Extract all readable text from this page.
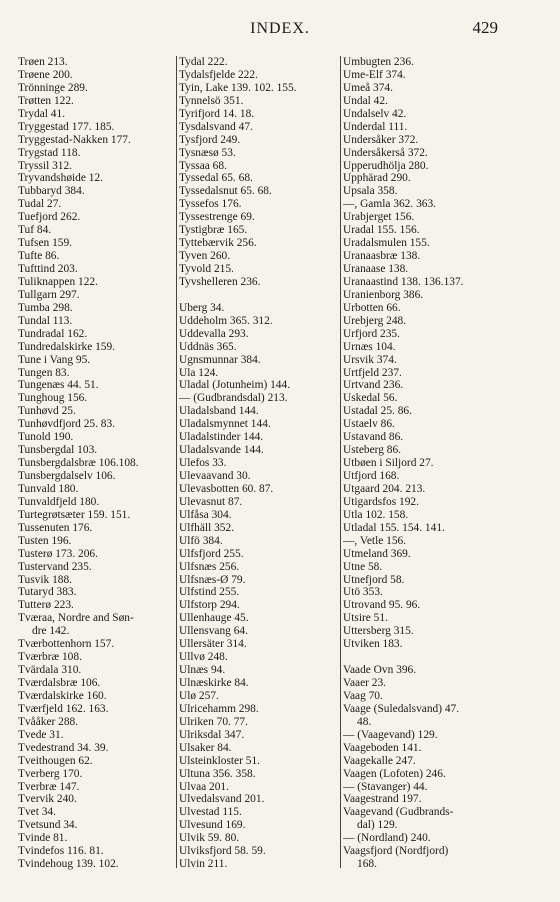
INDEX.	429
Trøen 213.
Trøene 200.
Trönninge 289.
Trøtten 122.
Trydal 41.
Tryggestad 177. 185.
Tryggestad-Nakken 177.
Trygstad 118.
Tryssil 312.
Tryvandshøide 12.
Tubbaryd 384.
Tudal 27.
Tuefjord 262.
Tuf 84.
Tufsen 159.
Tufte 86.
Tufttind 203.
Tuliknappen 122.
Tullgarn 297.
Tumba 298.
Tundal 113.
Tundradal 162.
Tundredalskirke 159.
Tune i Vang 95.
Tungen 83.
Tungenæs 44. 51.
Tunghoug 156.
Tunhøvd 25.
Tunhøvdfjord 25. 83.
Tunold 190.
Tunsbergdal 103.
Tunsbergdalsbræ 106.108.
Tunsbergdalselv 106.
Tunvald 180.
Tunvaldfjeld 180.
Turtegrøtsæter 159. 151.
Tussenuten 176.
Tusten 196.
Tusterø 173. 206.
Tustervand 235.
Tusvik 188.
Tutaryd 383.
Tutterø 223.
Tværaa, Nordre and Søn-
dre 142.
Tværbottenhorn 157.
Tværbræ 108.
Tvärdala 310.
Tværdalsbræ 106.
Tværdalskirke 160.
Tværfjeld 162. 163.
Tvååker 288.
Tvede 31.
Tvedestrand 34. 39.
Tveithougen 62.
Tverberg 170.
Tverbræ 147.
Tvervik 240.
Tvet 34.
Tvetsund 34.
Tvinde 81.
Tvindefos 116. 81.
Tvindehoug 139. 102.
Tydal 222.
Tydalsfjelde 222.
Tyin, Lake 139. 102. 155.
Tynnelsö 351.
Tyrifjord 14. 18.
Tysdalsvand 47.
Tysfjord 249.
Tysnæsø 53.
Tyssaa 68.
Tyssedal 65. 68.
Tyssedalsnut 65. 68.
Tyssefos 176.
Tyssestrenge 69.
Tystigbræ 165.
Tyttebærvik 256.
Tyven 260.
Tyvold 215.
Tyvshelleren 236.
Uberg 34.
Uddeholm 365. 312.
Uddevalla 293.
Uddnäs 365.
Ugnsmunnar 384.
Ula 124.
Uladal (Jotunheim) 144.
— (Gudbrandsdal) 213.
Uladalsband 144.
Uladalsmynnet 144.
Uladalstinder 144.
Uladalsvande 144.
Ulefos 33.
Ulevaavand 30.
Ulevasbotten 60. 87.
Ulevasnut 87.
Ulfåsa 304.
Ulfhäll 352.
Ulfö 384.
Ulfsfjord 255.
Ulfsnæs 256.
Ulfsnæs-Ø 79.
Ulfstind 255.
Ulfstorp 294.
Ullenhauge 45.
Ullensvang 64.
Ullersäter 314.
Ullvø 248.
Ulnæs 94.
Ulnæskirke 84.
Ulø 257.
Ulricehamm 298.
Ulriken 70. 77.
Ulriksdal 347.
Ulsaker 84.
Ulsteinkloster 51.
Ultuna 356. 358.
Ulvaa 201.
Ulvedalsvand 201.
Ulvestad 115.
Ulvesund 169.
Ulvik 59. 80.
Ulviksfjord 58. 59.
Ulvin 211.
Umbugten 236.
Ume-Elf 374.
Umeå 374.
Undal 42.
Undalselv 42.
Underdal 111.
Undersåker 372.
Undersåkerså 372.
Upperudhölja 280.
Upphärad 290.
Upsala 358.
—, Gamla 362. 363.
Urabjerget 156.
Uradal 155. 156.
Uradalsmulen 155.
Uranaasbræ 138.
Uranaase 138.
Uranaastind 138. 136.137.
Uranienborg 386.
Urbotten 66.
Urebjerg 248.
Urfjord 235.
Urnæs 104.
Ursvik 374.
Urtfjeld 237.
Urtvand 236.
Uskedal 56.
Ustadal 25. 86.
Ustaelv 86.
Ustavand 86.
Usteberg 86.
Utbøen i Siljord 27.
Utfjord 168.
Utgaard 204. 213.
Utigardsfos 192.
Utla 102. 158.
Utladal 155. 154. 141.
—, Vetle 156.
Utmeland 369.
Utne 58.
Utnefjord 58.
Utö 353.
Utrovand 95. 96.
Utsire 51.
Uttersberg 315.
Utviken 183.
Vaade Ovn 396.
Vaaer 23.
Vaag 70.
Vaage (Suledalsvand) 47.
48.
— (Vaagevand) 129.
Vaageboden 141.
Vaagekalle 247.
Vaagen (Lofoten) 246.
— (Stavanger) 44.
Vaagestrand 197.
Vaagevand (Gudbrands-
dal) 129.
— (Nordland) 240.
Vaagsfjord (Nordfjord)
168.
